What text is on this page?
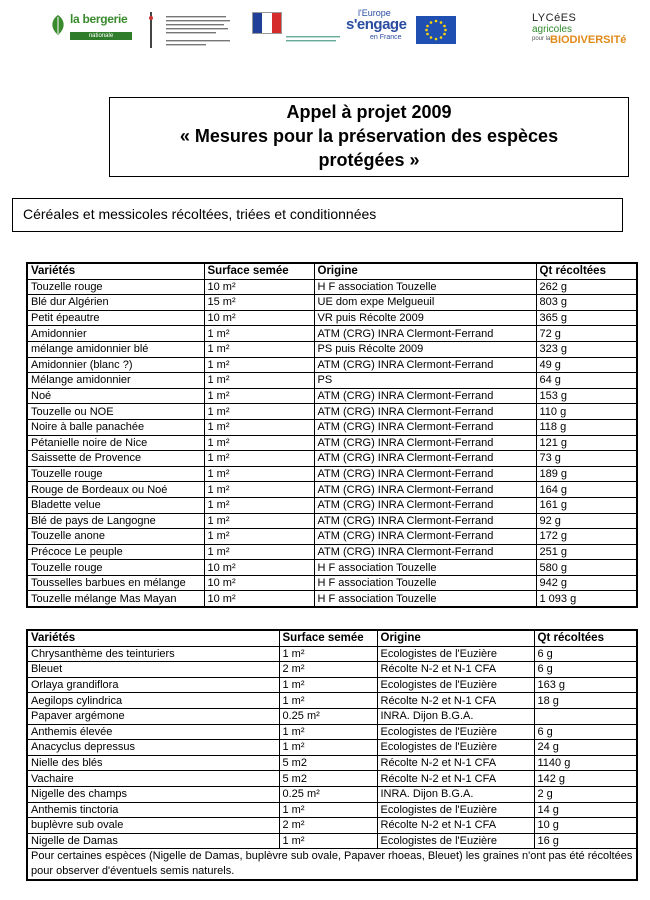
la bergerie
nationale
l'Europe
s'engage
en France
LYCéES
agricoles
pour la BIODIVERSITé
Appel à projet 2009
« Mesures pour la préservation des espèces
protégées »
Céréales et messicoles récoltées, triées et conditionnées
Variétés	Surface semée	Origine	Qt récoltées
Touzelle rouge	10 m²	H F association Touzelle	262 g
Blé dur Algérien	15 m²	UE dom expe Melgueuil	803 g
Petit épeautre	10 m²	VR puis Récolte 2009	365 g
Amidonnier	1 m²	ATM (CRG) INRA Clermont-Ferrand	72 g
mélange amidonnier blé	1 m²	PS puis Récolte 2009	323 g
Amidonnier (blanc ?)	1 m²	ATM (CRG) INRA Clermont-Ferrand	49 g
Mélange amidonnier	1 m²	PS	64 g
Noé	1 m²	ATM (CRG) INRA Clermont-Ferrand	153 g
Touzelle ou NOE	1 m²	ATM (CRG) INRA Clermont-Ferrand	110 g
Noire à balle panachée	1 m²	ATM (CRG) INRA Clermont-Ferrand	118 g
Pétanielle noire de Nice	1 m²	ATM (CRG) INRA Clermont-Ferrand	121 g
Saissette de Provence	1 m²	ATM (CRG) INRA Clermont-Ferrand	73 g
Touzelle rouge	1 m²	ATM (CRG) INRA Clermont-Ferrand	189 g
Rouge de Bordeaux ou Noé	1 m²	ATM (CRG) INRA Clermont-Ferrand	164 g
Bladette velue	1 m²	ATM (CRG) INRA Clermont-Ferrand	161 g
Blé de pays de Langogne	1 m²	ATM (CRG) INRA Clermont-Ferrand	92 g
Touzelle anone	1 m²	ATM (CRG) INRA Clermont-Ferrand	172 g
Précoce Le peuple	1 m²	ATM (CRG) INRA Clermont-Ferrand	251 g
Touzelle rouge	10 m²	H F association Touzelle	580 g
Tousselles barbues en mélange	10 m²	H F association Touzelle	942 g
Touzelle mélange Mas Mayan	10 m²	H F association Touzelle	1 093 g
Variétés	Surface semée	Origine	Qt récoltées
Chrysanthème des teinturiers	1 m²	Ecologistes de l'Euzière	6 g
Bleuet	2 m²	Récolte N-2 et N-1 CFA	6 g
Orlaya grandiflora	1 m²	Ecologistes de l'Euzière	163 g
Aegilops cylindrica	1 m²	Récolte N-2 et N-1 CFA	18 g
Papaver argémone	0.25 m²	INRA. Dijon B.G.A.	
Anthemis élevée	1 m²	Ecologistes de l'Euzière	6 g
Anacyclus depressus	1 m²	Ecologistes de l'Euzière	24 g
Nielle des blés	5 m2	Récolte N-2 et N-1 CFA	1140 g
Vachaire	5 m2	Récolte N-2 et N-1 CFA	142 g
Nigelle des champs	0.25 m²	INRA. Dijon B.G.A.	2 g
Anthemis tinctoria	1 m²	Ecologistes de l'Euzière	14 g
buplèvre sub ovale	2 m²	Récolte N-2 et N-1 CFA	10 g
Nigelle de Damas	1 m²	Ecologistes de l'Euzière	16 g
Pour certaines espèces (Nigelle de Damas, buplèvre sub ovale, Papaver rhoeas, Bleuet) les graines n'ont pas été récoltées pour observer d'éventuels semis naturels.			
